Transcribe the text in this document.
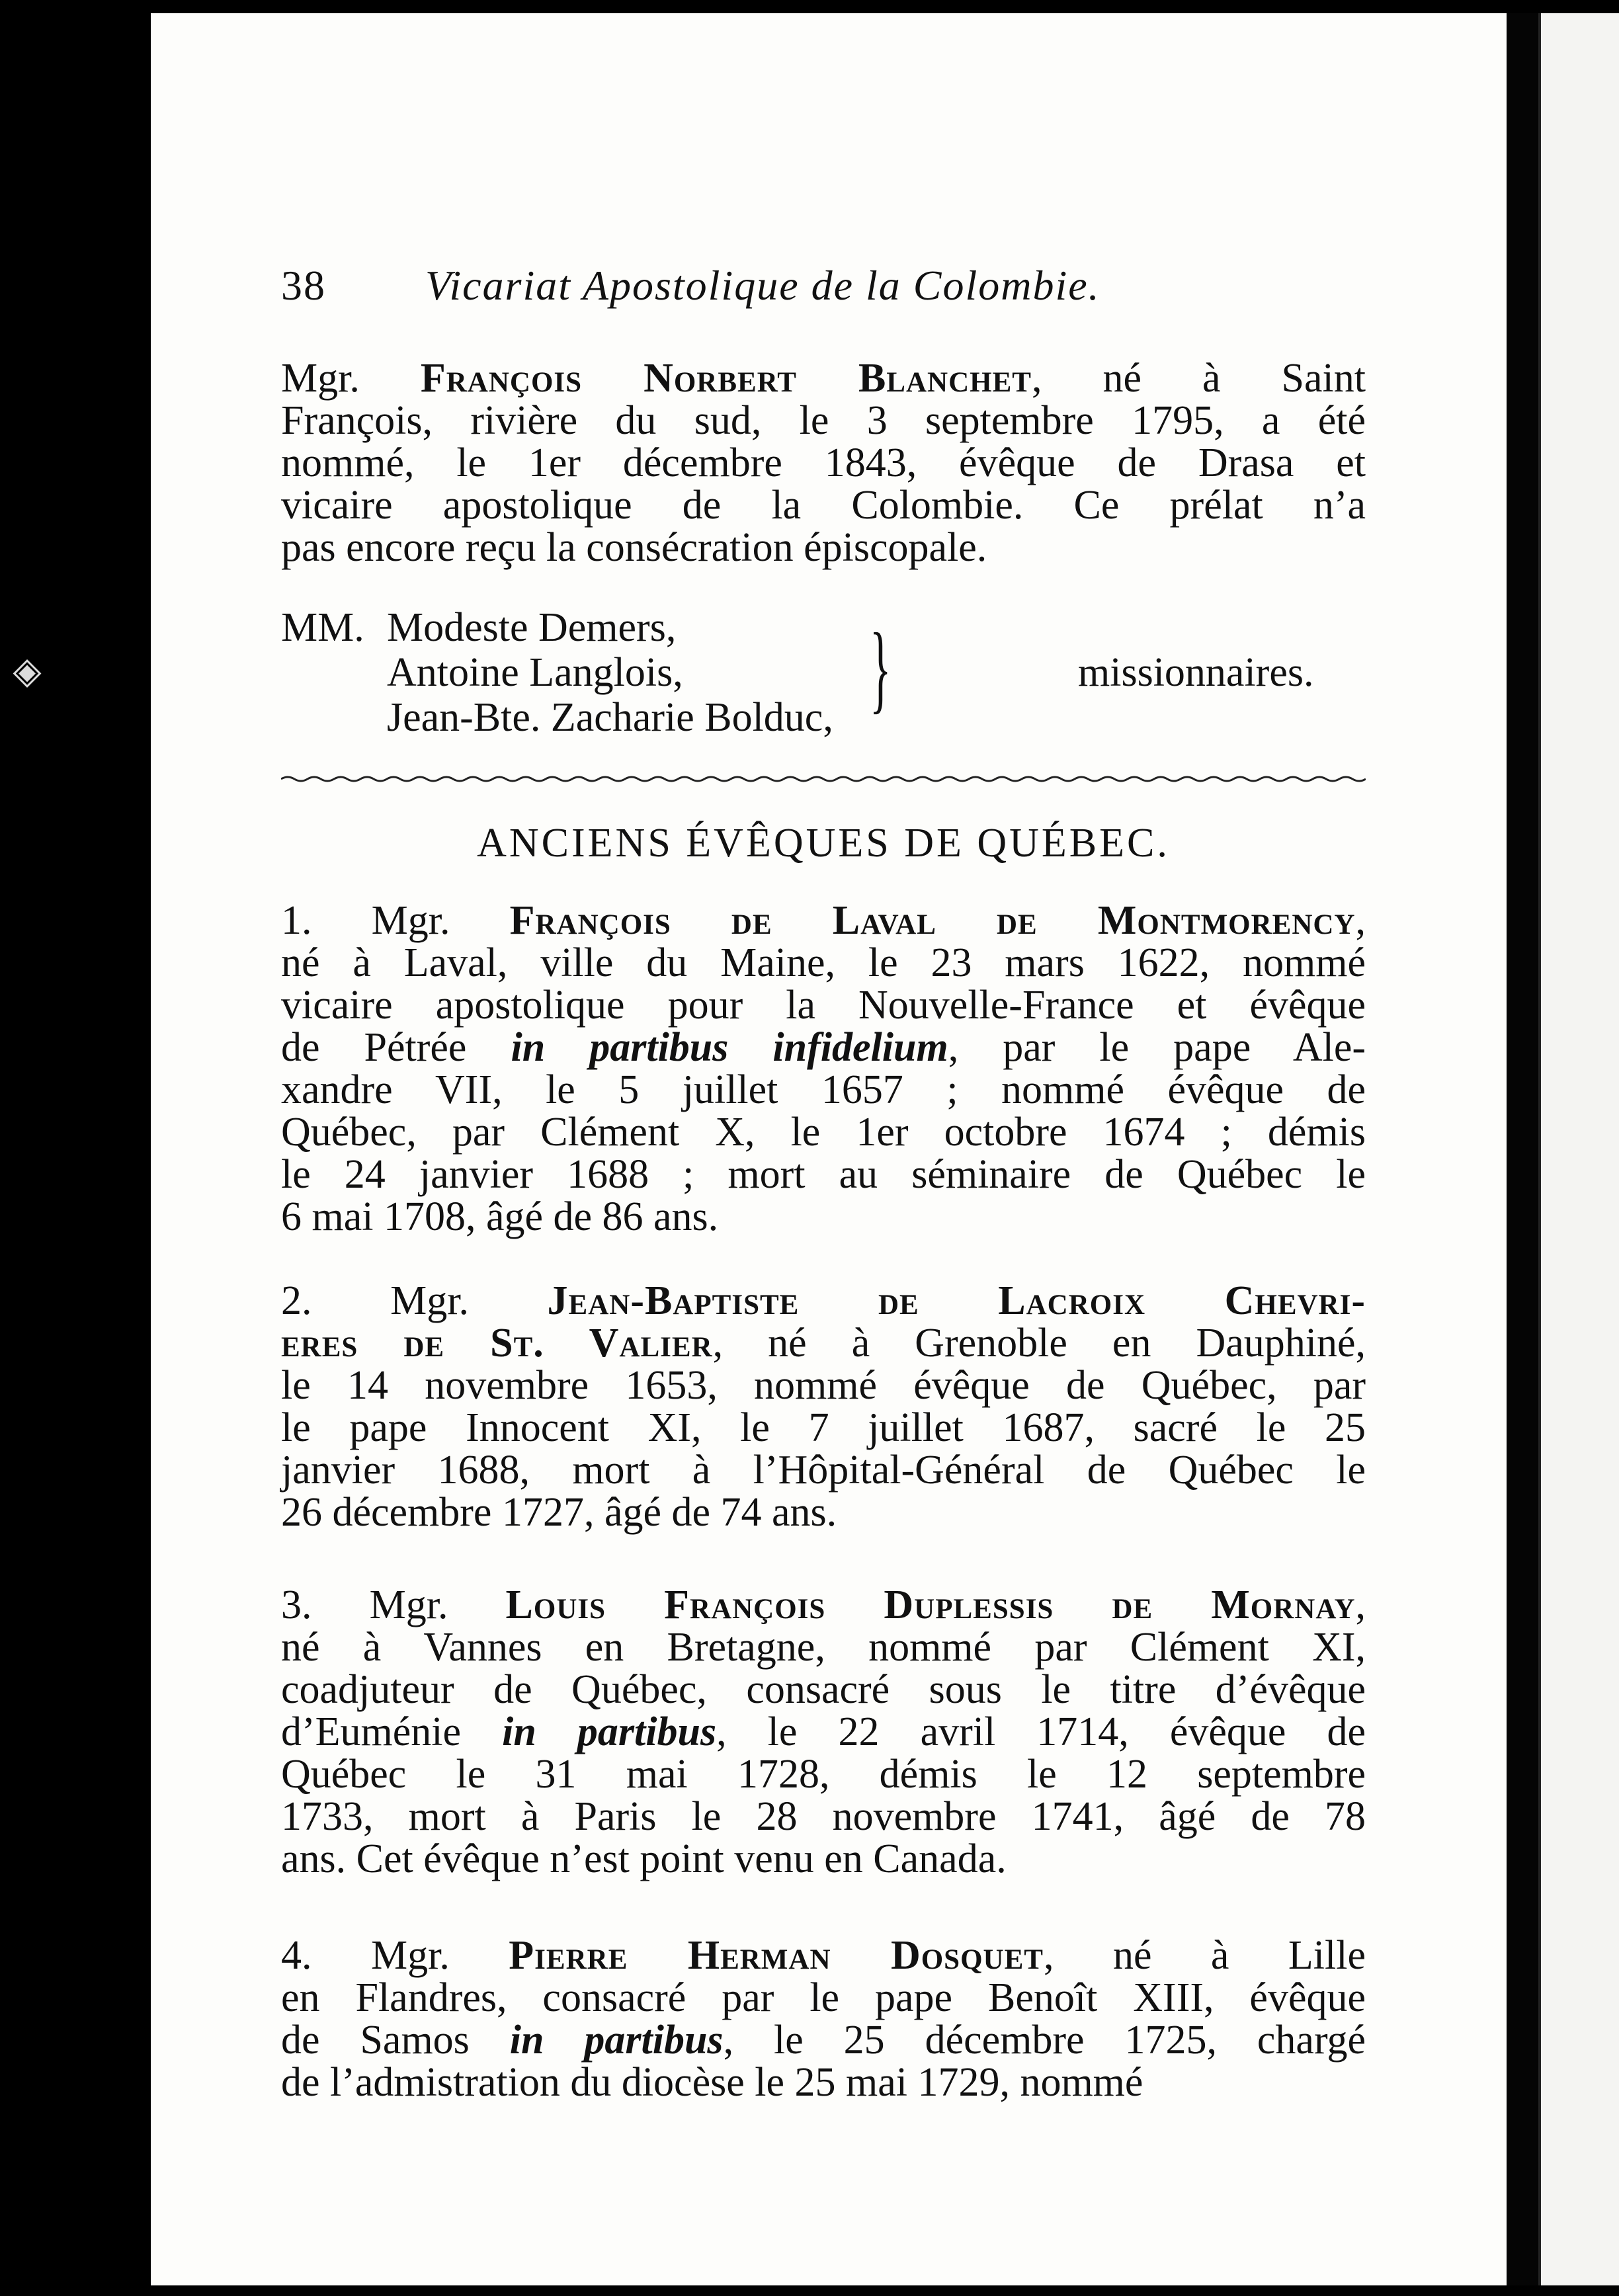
◈
38 Vicariat Apostolique de la Colombie.

Mgr. François Norbert Blanchet, né à Saint
François, rivière du sud, le 3 septembre 1795, a été
nommé, le 1er décembre 1843, évêque de Drasa et
vicaire apostolique de la Colombie. Ce prélat n’a
pas encore reçu la consécration épiscopale.

MM. Modeste Demers,
Antoine Langlois,
Jean-Bte. Zacharie Bolduc, }	missionnaires.
ANCIENS ÉVÊQUES DE QUÉBEC.

1. Mgr. François de Laval de Montmorency,
né à Laval, ville du Maine, le 23 mars 1622, nommé
vicaire apostolique pour la Nouvelle-France et évêque
de Pétrée in partibus infidelium, par le pape Ale-
xandre VII, le 5 juillet 1657 ; nommé évêque de
Québec, par Clément X, le 1er octobre 1674 ; démis
le 24 janvier 1688 ; mort au séminaire de Québec le
6 mai 1708, âgé de 86 ans.

2. Mgr. Jean-Baptiste de Lacroix Chevri-
eres de St. Valier, né à Grenoble en Dauphiné,
le 14 novembre 1653, nommé évêque de Québec, par
le pape Innocent XI, le 7 juillet 1687, sacré le 25
janvier 1688, mort à l’Hôpital-Général de Québec le
26 décembre 1727, âgé de 74 ans.

3. Mgr. Louis François Duplessis de Mornay,
né à Vannes en Bretagne, nommé par Clément XI,
coadjuteur de Québec, consacré sous le titre d’évêque
d’Euménie in partibus, le 22 avril 1714, évêque de
Québec le 31 mai 1728, démis le 12 septembre
1733, mort à Paris le 28 novembre 1741, âgé de 78
ans. Cet évêque n’est point venu en Canada.

4. Mgr. Pierre Herman Dosquet, né à Lille
en Flandres, consacré par le pape Benoît XIII, évêque
de Samos in partibus, le 25 décembre 1725, chargé
de l’admistration du diocèse le 25 mai 1729, nommé
